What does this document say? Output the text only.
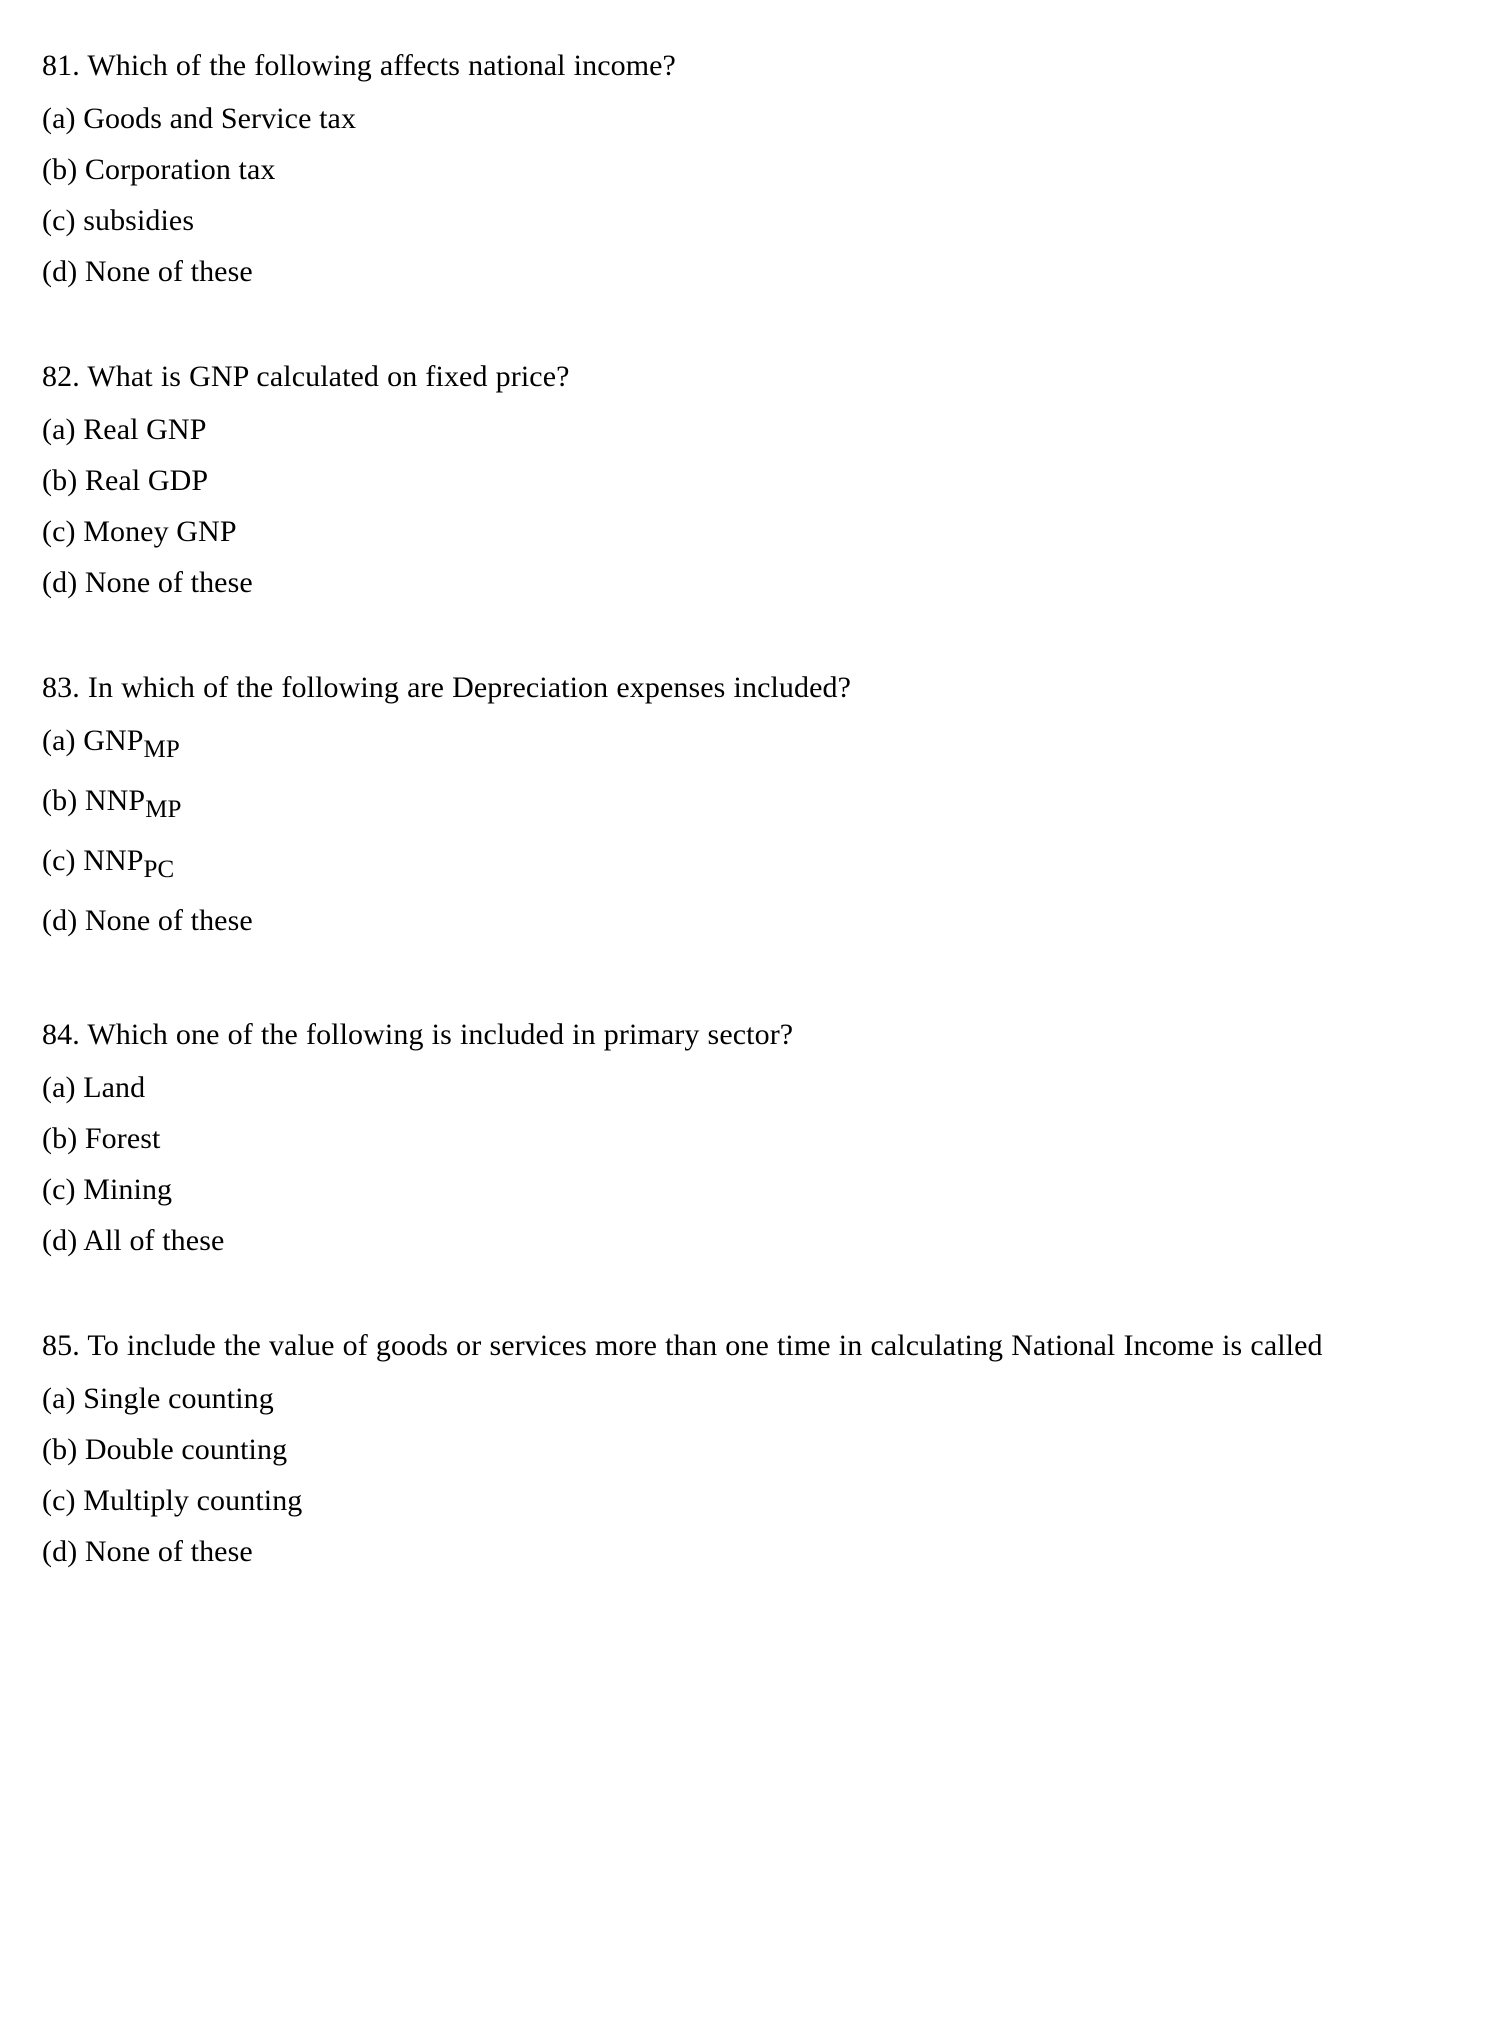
81. Which of the following affects national income?

(a) Goods and Service tax
(b) Corporation tax
(c) subsidies
(d) None of these

82. What is GNP calculated on fixed price?

(a) Real GNP
(b) Real GDP
(c) Money GNP
(d) None of these

83. In which of the following are Depreciation expenses included?

(a) $GNP_{MP}$
(b) $NNP_{MP}$
(c) $NNP_{PC}$
(d) None of these

84. Which one of the following is included in primary sector?

(a) Land
(b) Forest
(c) Mining
(d) All of these

85. To include the value of goods or services more than one time in calculating National Income is called

(a) Single counting
(b) Double counting
(c) Multiply counting
(d) None of these
